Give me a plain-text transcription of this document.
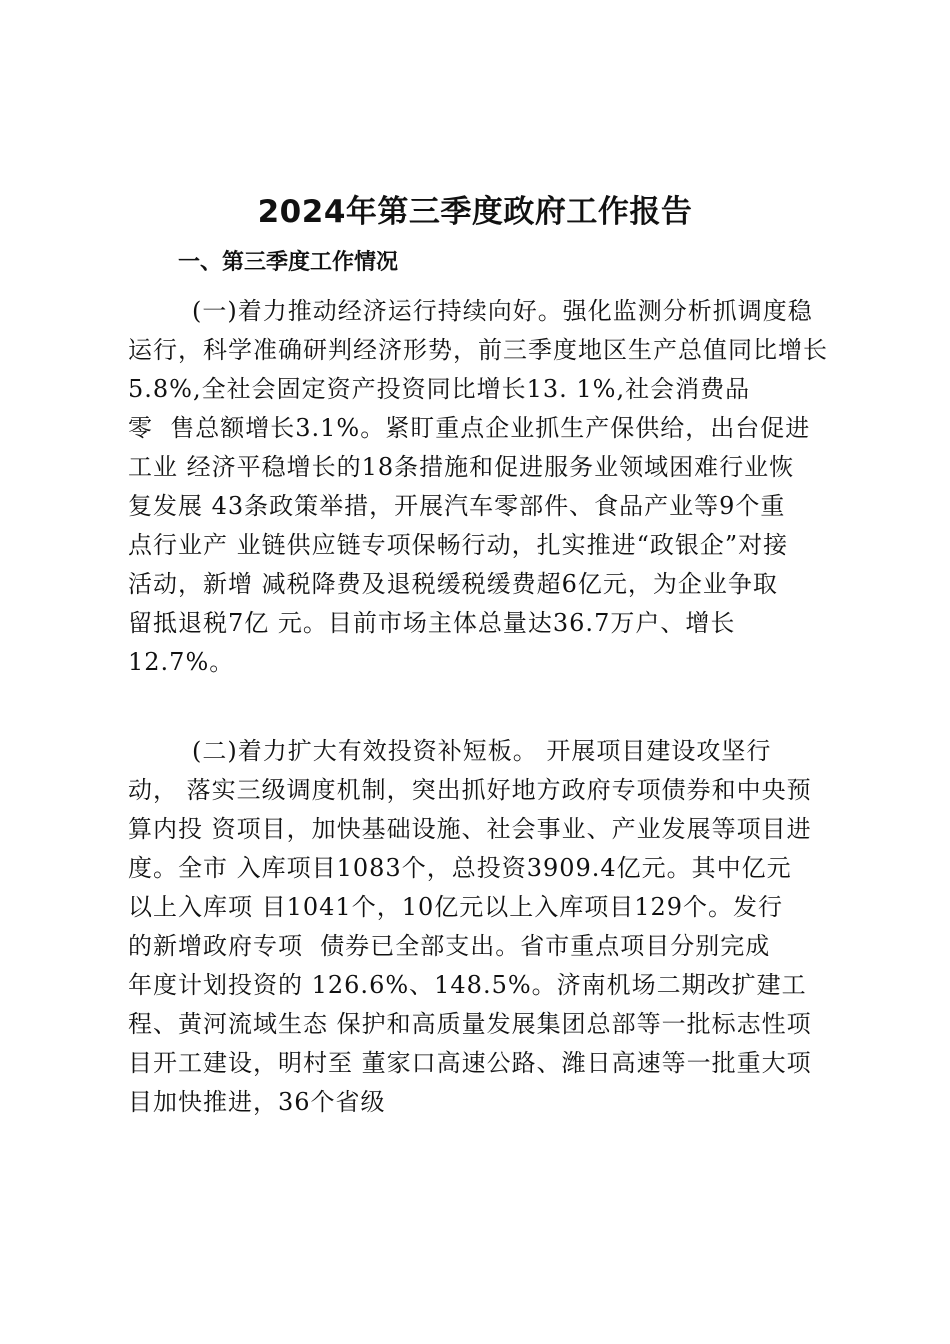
2024年第三季度政府工作报告
一、第三季度工作情况
(一)着力推动经济运行持续向好。强化监测分析抓调度稳
运行，科学准确研判经济形势，前三季度地区生产总值同比增长
5.8%,全社会固定资产投资同比增长13. 1%,社会消费品
零  售总额增长3.1%。紧盯重点企业抓生产保供给，出台促进
工业 经济平稳增长的18条措施和促进服务业领域困难行业恢
复发展 43条政策举措，开展汽车零部件、食品产业等9个重
点行业产 业链供应链专项保畅行动，扎实推进“政银企”对接
活动，新增 减税降费及退税缓税缓费超6亿元，为企业争取
留抵退税7亿 元。目前市场主体总量达36.7万户、增长
12.7%。
(二)着力扩大有效投资补短板。 开展项目建设攻坚行
动， 落实三级调度机制，突出抓好地方政府专项债券和中央预
算内投 资项目，加快基础设施、社会事业、产业发展等项目进
度。全市 入库项目1083个，总投资3909.4亿元。其中亿元
以上入库项 目1041个，10亿元以上入库项目129个。发行
的新增政府专项  债券已全部支出。省市重点项目分别完成
年度计划投资的 126.6%、148.5%。济南机场二期改扩建工
程、黄河流域生态 保护和高质量发展集团总部等一批标志性项
目开工建设，明村至 董家口高速公路、潍日高速等一批重大项
目加快推进，36个省级
